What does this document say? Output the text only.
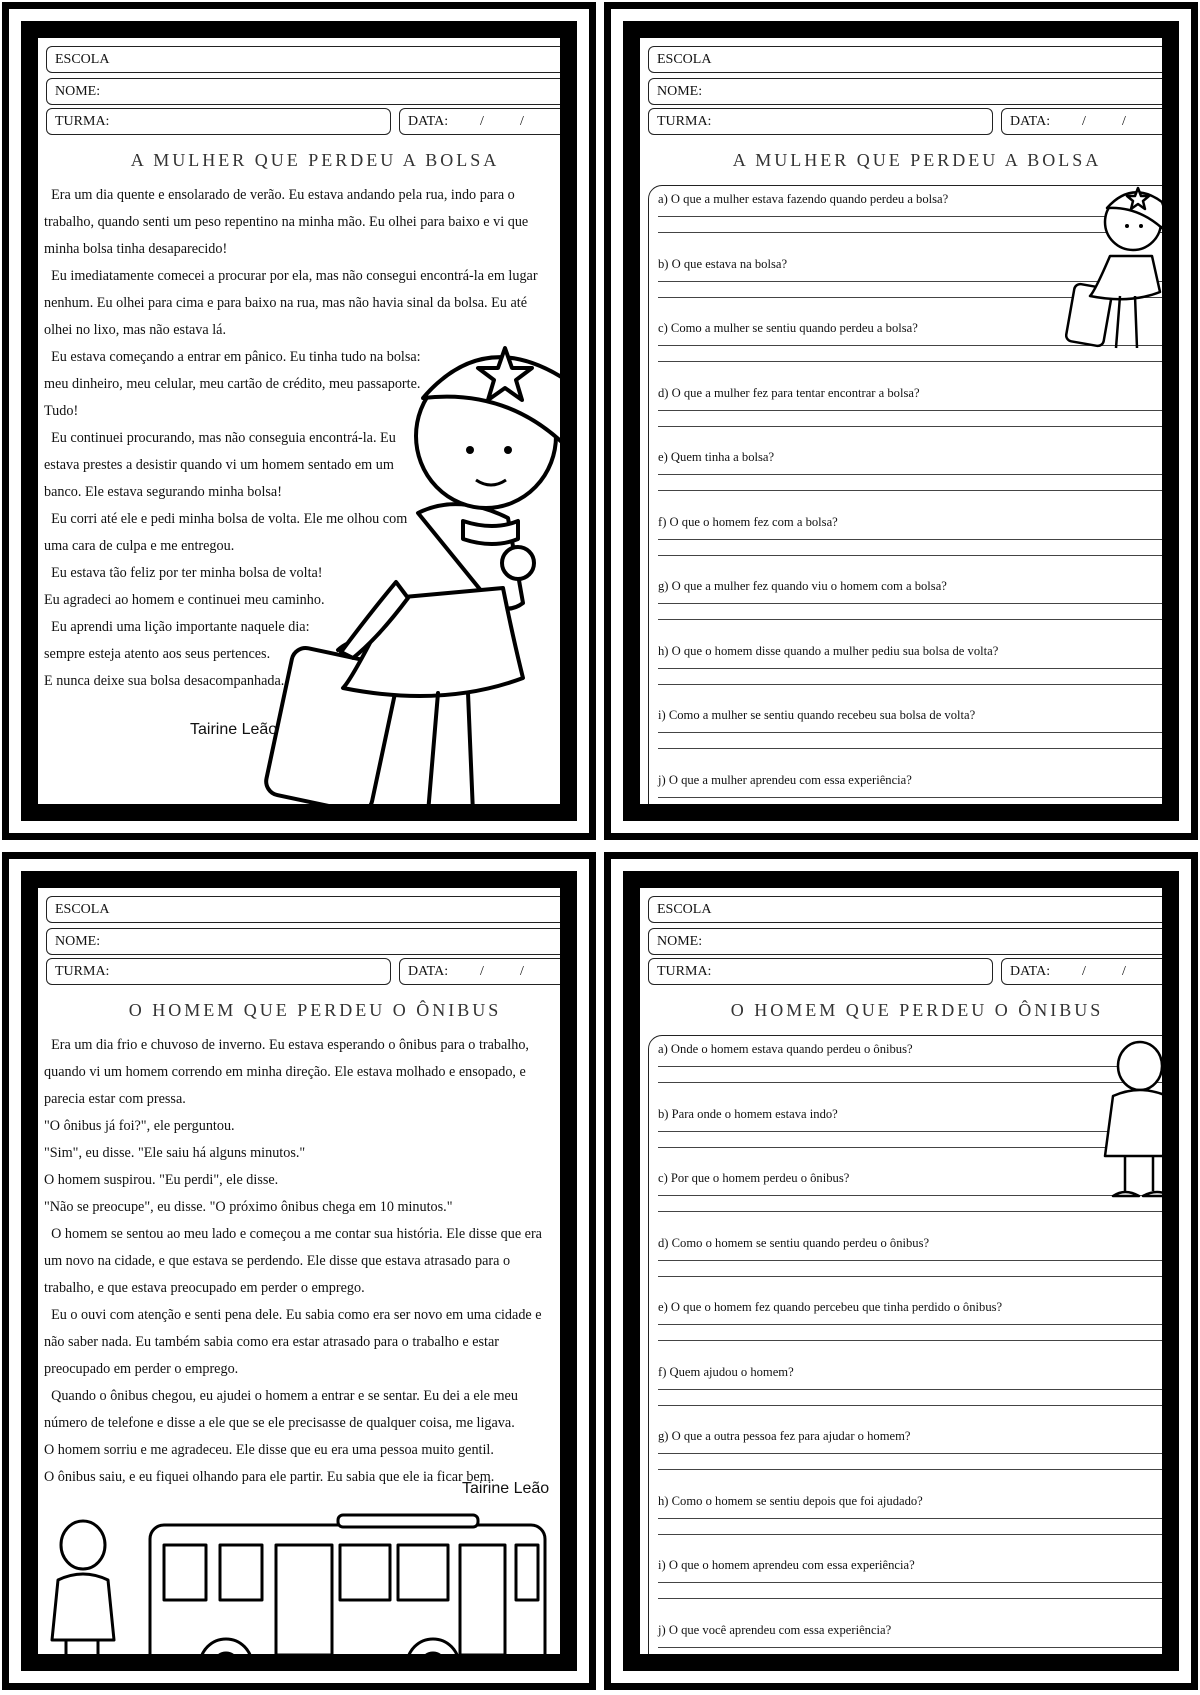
ESCOLA
NOME:
TURMA:	DATA: /	/
A MULHER QUE PERDEU A BOLSA

Era um dia quente e ensolarado de verão. Eu estava andando pela rua, indo para o

trabalho, quando senti um peso repentino na minha mão. Eu olhei para baixo e vi que

minha bolsa tinha desaparecido!

Eu imediatamente comecei a procurar por ela, mas não consegui encontrá-la em lugar

nenhum. Eu olhei para cima e para baixo na rua, mas não havia sinal da bolsa. Eu até

olhei no lixo, mas não estava lá.

Eu estava começando a entrar em pânico. Eu tinha tudo na bolsa:

meu dinheiro, meu celular, meu cartão de crédito, meu passaporte.

Tudo!

Eu continuei procurando, mas não conseguia encontrá-la. Eu

estava prestes a desistir quando vi um homem sentado em um

banco. Ele estava segurando minha bolsa!

Eu corri até ele e pedi minha bolsa de volta. Ele me olhou com

uma cara de culpa e me entregou.

Eu estava tão feliz por ter minha bolsa de volta!

Eu agradeci ao homem e continuei meu caminho.

Eu aprendi uma lição importante naquele dia:

sempre esteja atento aos seus pertences.

E nunca deixe sua bolsa desacompanhada.

Tairine Leão
ESCOLA
NOME:
TURMA:	DATA: /	/
A MULHER QUE PERDEU A BOLSA
a) O que a mulher estava fazendo quando perdeu a bolsa?
b) O que estava na bolsa?
c) Como a mulher se sentiu quando perdeu a bolsa?
d) O que a mulher fez para tentar encontrar a bolsa?
e) Quem tinha a bolsa?
f) O que o homem fez com a bolsa?
g) O que a mulher fez quando viu o homem com a bolsa?
h) O que o homem disse quando a mulher pediu sua bolsa de volta?
i) Como a mulher se sentiu quando recebeu sua bolsa de volta?
j) O que a mulher aprendeu com essa experiência?
ESCOLA
NOME:
TURMA:	DATA: /	/
O HOMEM QUE PERDEU O ÔNIBUS

Era um dia frio e chuvoso de inverno. Eu estava esperando o ônibus para o trabalho,

quando vi um homem correndo em minha direção. Ele estava molhado e ensopado, e

parecia estar com pressa.

"O ônibus já foi?", ele perguntou.

"Sim", eu disse. "Ele saiu há alguns minutos."

O homem suspirou. "Eu perdi", ele disse.

"Não se preocupe", eu disse. "O próximo ônibus chega em 10 minutos."

O homem se sentou ao meu lado e começou a me contar sua história. Ele disse que era

um novo na cidade, e que estava se perdendo. Ele disse que estava atrasado para o

trabalho, e que estava preocupado em perder o emprego.

Eu o ouvi com atenção e senti pena dele. Eu sabia como era ser novo em uma cidade e

não saber nada. Eu também sabia como era estar atrasado para o trabalho e estar

preocupado em perder o emprego.

Quando o ônibus chegou, eu ajudei o homem a entrar e se sentar. Eu dei a ele meu

número de telefone e disse a ele que se ele precisasse de qualquer coisa, me ligava.

O homem sorriu e me agradeceu. Ele disse que eu era uma pessoa muito gentil.

O ônibus saiu, e eu fiquei olhando para ele partir. Eu sabia que ele ia ficar bem.

Tairine Leão
ESCOLA
NOME:
TURMA:	DATA: /	/
O HOMEM QUE PERDEU O ÔNIBUS
a) Onde o homem estava quando perdeu o ônibus?
b) Para onde o homem estava indo?
c) Por que o homem perdeu o ônibus?
d) Como o homem se sentiu quando perdeu o ônibus?
e) O que o homem fez quando percebeu que tinha perdido o ônibus?
f) Quem ajudou o homem?
g) O que a outra pessoa fez para ajudar o homem?
h) Como o homem se sentiu depois que foi ajudado?
i) O que o homem aprendeu com essa experiência?
j) O que você aprendeu com essa experiência?
